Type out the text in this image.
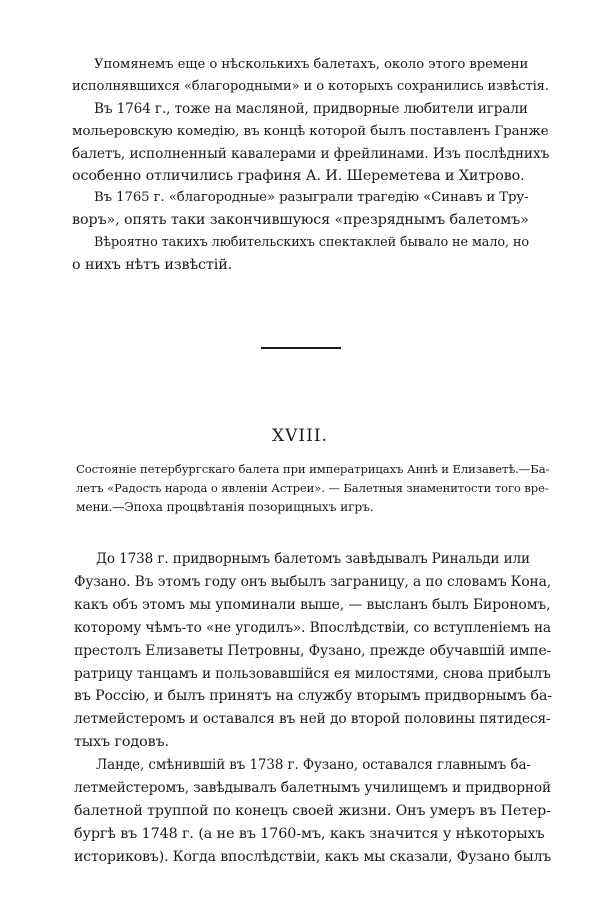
Упомянемъ еще о нѣсколькихъ балетахъ, около этого времени
исполнявшихся «благородными» и о которыхъ сохранились извѣстія.
Въ 1764 г., тоже на масляной, придворные любители играли
мольеровскую комедію, въ концѣ которой былъ поставленъ Гранже
балетъ, исполненный кавалерами и фрейлинами. Изъ послѣднихъ
особенно отличились графиня А. И. Шереметева и Хитрово.
Въ 1765 г. «благородные» разыграли трагедію «Синавъ и Тру-
воръ», опять таки закончившуюся «презряднымъ балетомъ»
Вѣроятно такихъ любительскихъ спектаклей бывало не мало, но
о нихъ нѣтъ извѣстій.
XVIII.
Состояніе петербургскаго балета при императрицахъ Аннѣ и Елизаветѣ.—Ба-
летъ «Радость народа о явленіи Астреи». — Балетныя знаменитости того вре-
мени.—Эпоха процвѣтанія позорищныхъ игръ.
До 1738 г. придворнымъ балетомъ завѣдывалъ Ринальди или
Фузано. Въ этомъ году онъ выбылъ заграницу, а по словамъ Кона,
какъ объ этомъ мы упоминали выше, — высланъ былъ Бирономъ,
которому чѣмъ-то «не угодилъ». Впослѣдствіи, со вступленіемъ на
престолъ Елизаветы Петровны, Фузано, прежде обучавшій импе-
ратрицу танцамъ и пользовавшійся ея милостями, снова прибылъ
въ Россію, и былъ принятъ на службу вторымъ придворнымъ ба-
летмейстеромъ и оставался въ ней до второй половины пятидеся-
тыхъ годовъ.
Ланде, смѣнившій въ 1738 г. Фузано, оставался главнымъ ба-
летмейстеромъ, завѣдывалъ балетнымъ училищемъ и придворной
балетной труппой по конецъ своей жизни. Онъ умеръ въ Петер-
бургѣ въ 1748 г. (а не въ 1760-мъ, какъ значится у нѣкоторыхъ
историковъ). Когда впослѣдствіи, какъ мы сказали, Фузано былъ
